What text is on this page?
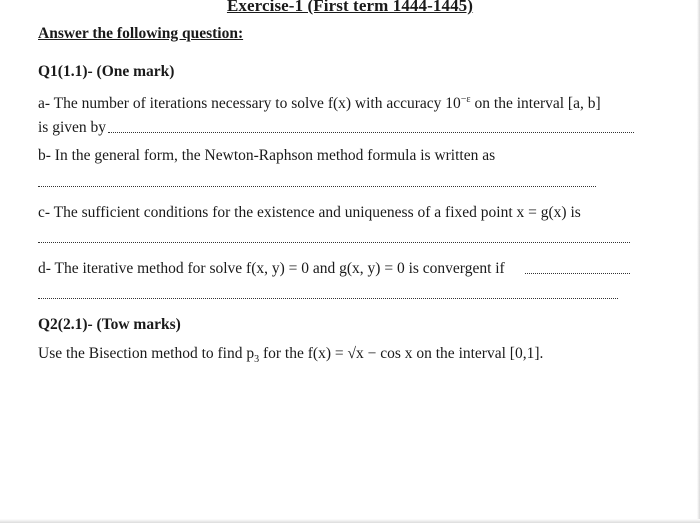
Exercise-1 (First term 1444-1445)
Answer the following question:
Q1(1.1)- (One mark)
a- The number of iterations necessary to solve f(x) with accuracy $10^{-\varepsilon}$ on the interval [a, b]
is given by
b- In the general form, the Newton-Raphson method formula is written as
c- The sufficient conditions for the existence and uniqueness of a fixed point x = g(x) is
d- The iterative method for solve f(x, y) = 0 and g(x, y) = 0 is convergent if
Q2(2.1)- (Tow marks)
Use the Bisection method to find $p_3$ for the f(x) = √x − cos x on the interval [0,1].
